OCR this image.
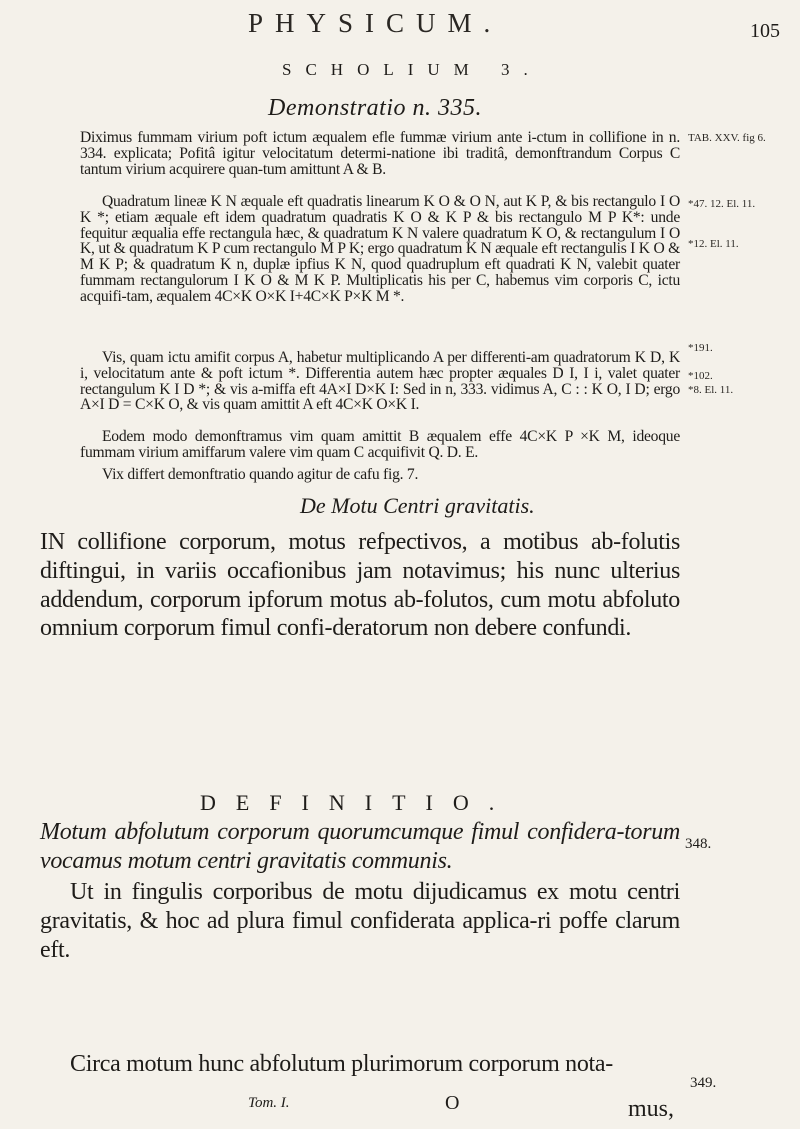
PHYSICUM.	105
SCHOLIUM 3.
Demonstratio n. 335.

Diximus fummam virium poft ictum æqualem efle fummæ virium ante i-ctum in collifione in n. 334. explicata; Pofitâ igitur velocitatum determi-natione ibi traditâ, demonftrandum Corpus C tantum virium acquirere quan-tum amittunt A & B.

Quadratum lineæ K N æquale eft quadratis linearum K O & O N, aut K P, & bis rectangulo I O K *; etiam æquale eft idem quadratum quadratis K O & K P & bis rectangulo M P K*: unde fequitur æqualia effe rectangula hæc, & quadratum K N valere quadratum K O, & rectangulum I O K, ut & quadratum K P cum rectangulo M P K; ergo quadratum K N æquale eft rectangulis I K O & M K P; & quadratum K n, duplæ ipfius K N, quod quadruplum eft quadrati K N, valebit quater fummam rectangulorum I K O & M K P. Multiplicatis his per C, habemus vim corporis C, ictu acquifi-tam, æqualem 4C×K O×K I+4C×K P×K M *.

Vis, quam ictu amifit corpus A, habetur multiplicando A per differenti-am quadratorum K D, K i, velocitatum ante & poft ictum *. Differentia autem hæc propter æquales D I, I i, valet quater rectangulum K I D *; & vis a-miffa eft 4A×I D×K I: Sed in n, 333. vidimus A, C : : K O, I D; ergo A×I D = C×K O, & vis quam amittit A eft 4C×K O×K I.

Eodem modo demonftramus vim quam amittit B æqualem effe 4C×K P ×K M, ideoque fummam virium amiffarum valere vim quam C acquifivit Q. D. E.

Vix differt demonftratio quando agitur de cafu fig. 7.

TAB. XXV. fig 6.
*47. 12. El. 11.
*12. El. 11.
*191.
*102.
*8. El. 11.
De Motu Centri gravitatis.

IN collifione corporum, motus refpectivos, a motibus ab-folutis diftingui, in variis occafionibus jam notavimus; his nunc ulterius addendum, corporum ipforum motus ab-folutos, cum motu abfoluto omnium corporum fimul confi-deratorum non debere confundi.

DEFINITIO.

Motum abfolutum corporum quorumcumque fimul confidera-torum vocamus motum centri gravitatis communis.

348.

Ut in fingulis corporibus de motu dijudicamus ex motu centri gravitatis, & hoc ad plura fimul confiderata applica-ri poffe clarum eft.

Circa motum hunc abfolutum plurimorum corporum nota-

349.
Tom. I.	O	mus,
